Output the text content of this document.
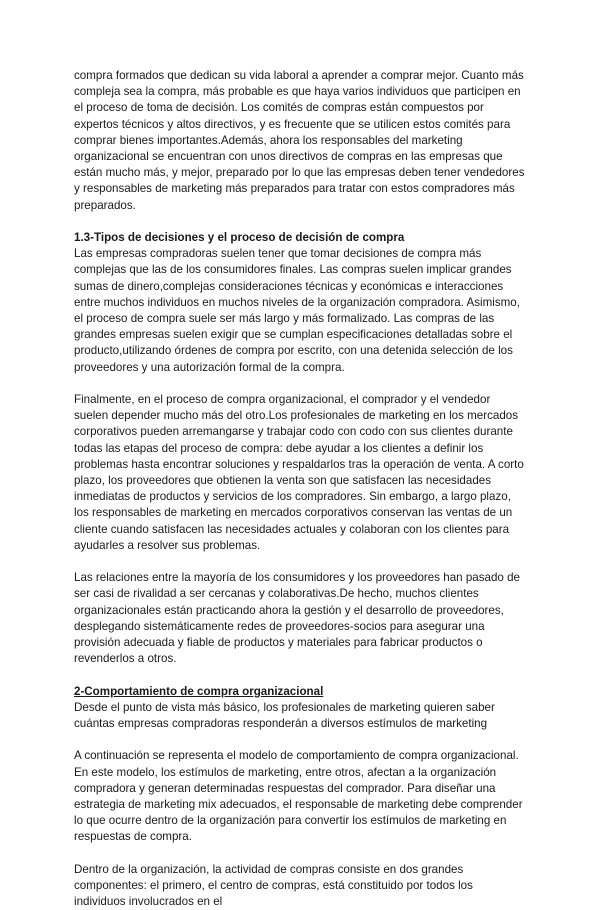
compra formados que dedican su vida laboral a aprender a comprar mejor. Cuanto más compleja sea la compra, más probable es que haya varios individuos que participen en el proceso de toma de decisión. Los comités de compras están compuestos por expertos técnicos y altos directivos, y es frecuente que se utilicen estos comités para comprar bienes importantes.Además, ahora los responsables del marketing organizacional se encuentran con unos directivos de compras en las empresas que están mucho más, y mejor, preparado por lo que las empresas deben tener vendedores y responsables de marketing más preparados para tratar con estos compradores más preparados.

1.3-Tipos de decisiones y el proceso de decisión de compra

Las empresas compradoras suelen tener que tomar decisiones de compra más complejas que las de los consumidores finales. Las compras suelen implicar grandes sumas de dinero,complejas consideraciones técnicas y económicas e interacciones entre muchos individuos en muchos niveles de la organización compradora. Asimismo, el proceso de compra suele ser más largo y más formalizado. Las compras de las grandes empresas suelen exigir que se cumplan especificaciones detalladas sobre el producto,utilizando órdenes de compra por escrito, con una detenida selección de los proveedores y una autorización formal de la compra.

Finalmente, en el proceso de compra organizacional, el comprador y el vendedor suelen depender mucho más del otro.Los profesionales de marketing en los mercados corporativos pueden arremangarse y trabajar codo con codo con sus clientes durante todas las etapas del proceso de compra: debe ayudar a los clientes a definir los problemas hasta encontrar soluciones y respaldarlos tras la operación de venta. A corto plazo, los proveedores que obtienen la venta son que satisfacen las necesidades inmediatas de productos y servicios de los compradores. Sin embargo, a largo plazo, los responsables de marketing en mercados corporativos conservan las ventas de un cliente cuando satisfacen las necesidades actuales y colaboran con los clientes para ayudarles a resolver sus problemas.

Las relaciones entre la mayoría de los consumidores y los proveedores han pasado de ser casi de rivalidad a ser cercanas y colaborativas.De hecho, muchos clientes organizacionales están practicando ahora la gestión y el desarrollo de proveedores, desplegando sistemáticamente redes de proveedores-socios para asegurar una provisión adecuada y fiable de productos y materiales para fabricar productos o revenderlos a otros.

2-Comportamiento de compra organizacional

Desde el punto de vista más básico, los profesionales de marketing quieren saber cuántas empresas compradoras responderán a diversos estímulos de marketing

A continuación se representa el modelo de comportamiento de compra organizacional. En este modelo, los estímulos de marketing, entre otros, afectan a la organización compradora y generan determinadas respuestas del comprador. Para diseñar una estrategia de marketing mix adecuados, el responsable de marketing debe comprender lo que ocurre dentro de la organización para convertir los estímulos de marketing en respuestas de compra.

Dentro de la organización, la actividad de compras consiste en dos grandes componentes: el primero, el centro de compras, está constituido por todos los individuos involucrados en el
